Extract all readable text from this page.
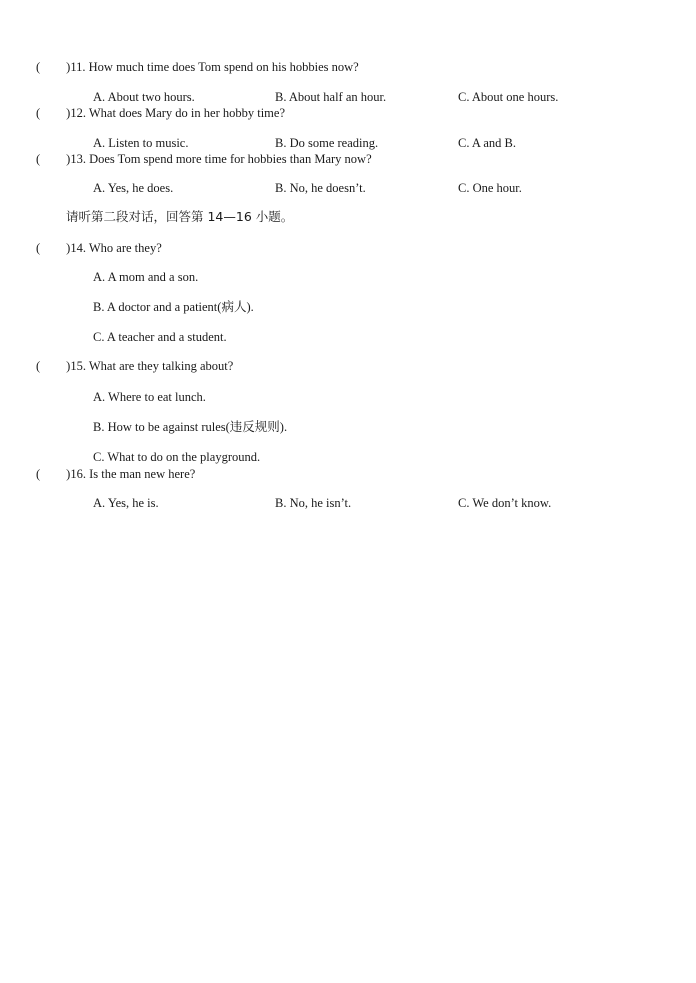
( )11. How much time does Tom spend on his hobbies now?
A. About two hours.	B. About half an hour.	C. About one hours.
( )12. What does Mary do in her hobby time?
A. Listen to music.	B. Do some reading.	C. A and B.
( )13. Does Tom spend more time for hobbies than Mary now?
A. Yes, he does.	B. No, he doesn’t.	C. One hour.
请听第二段对话，回答第 14—16 小题。
( )14. Who are they?
A. A mom and a son.
B. A doctor and a patient(病人).
C. A teacher and a student.
( )15. What are they talking about?
A. Where to eat lunch.
B. How to be against rules(违反规则).
C. What to do on the playground.
( )16. Is the man new here?
A. Yes, he is.	B. No, he isn’t.	C. We don’t know.
